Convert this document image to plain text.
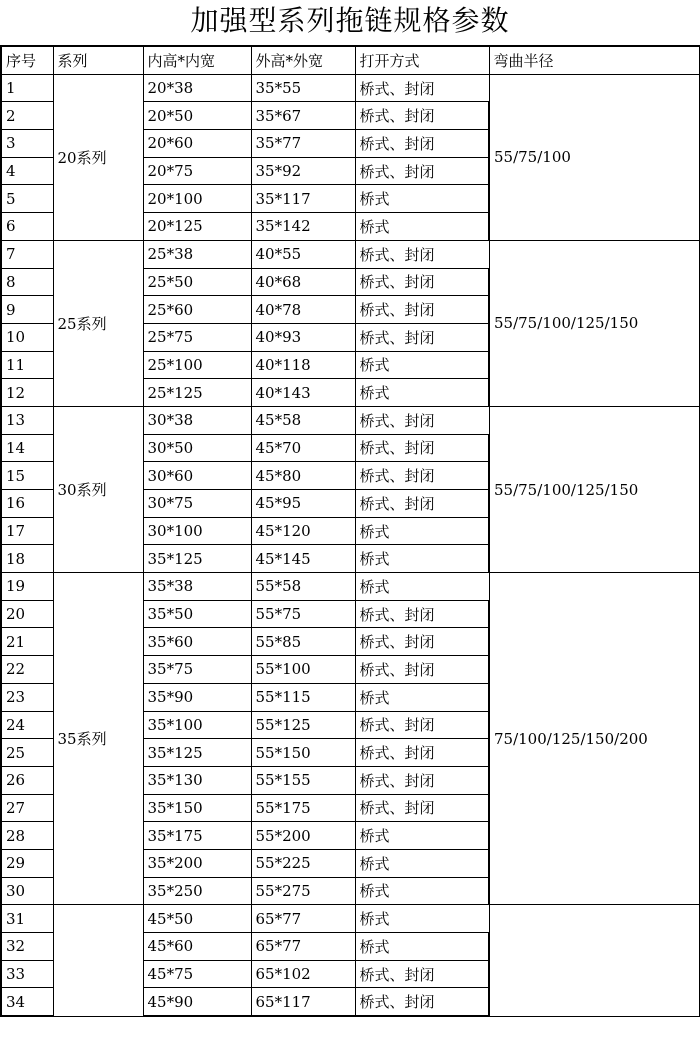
加强型系列拖链规格参数
序号	系列	内高*内宽	外高*外宽	打开方式	弯曲半径
1	20系列	20*38	35*55	桥式、封闭	55/75/100
2		20*50	35*67	桥式、封闭	
3		20*60	35*77	桥式、封闭	
4		20*75	35*92	桥式、封闭	
5		20*100	35*117	桥式	
6		20*125	35*142	桥式	
7	25系列	25*38	40*55	桥式、封闭	55/75/100/125/150
8		25*50	40*68	桥式、封闭	
9		25*60	40*78	桥式、封闭	
10		25*75	40*93	桥式、封闭	
11		25*100	40*118	桥式	
12		25*125	40*143	桥式	
13	30系列	30*38	45*58	桥式、封闭	55/75/100/125/150
14		30*50	45*70	桥式、封闭	
15		30*60	45*80	桥式、封闭	
16		30*75	45*95	桥式、封闭	
17		30*100	45*120	桥式	
18		35*125	45*145	桥式	
19	35系列	35*38	55*58	桥式	75/100/125/150/200
20		35*50	55*75	桥式、封闭	
21		35*60	55*85	桥式、封闭	
22		35*75	55*100	桥式、封闭	
23		35*90	55*115	桥式	
24		35*100	55*125	桥式、封闭	
25		35*125	55*150	桥式、封闭	
26		35*130	55*155	桥式、封闭	
27		35*150	55*175	桥式、封闭	
28		35*175	55*200	桥式	
29		35*200	55*225	桥式	
30		35*250	55*275	桥式	
31		45*50	65*77	桥式	
32		45*60	65*77	桥式	
33		45*75	65*102	桥式、封闭	
34		45*90	65*117	桥式、封闭	
